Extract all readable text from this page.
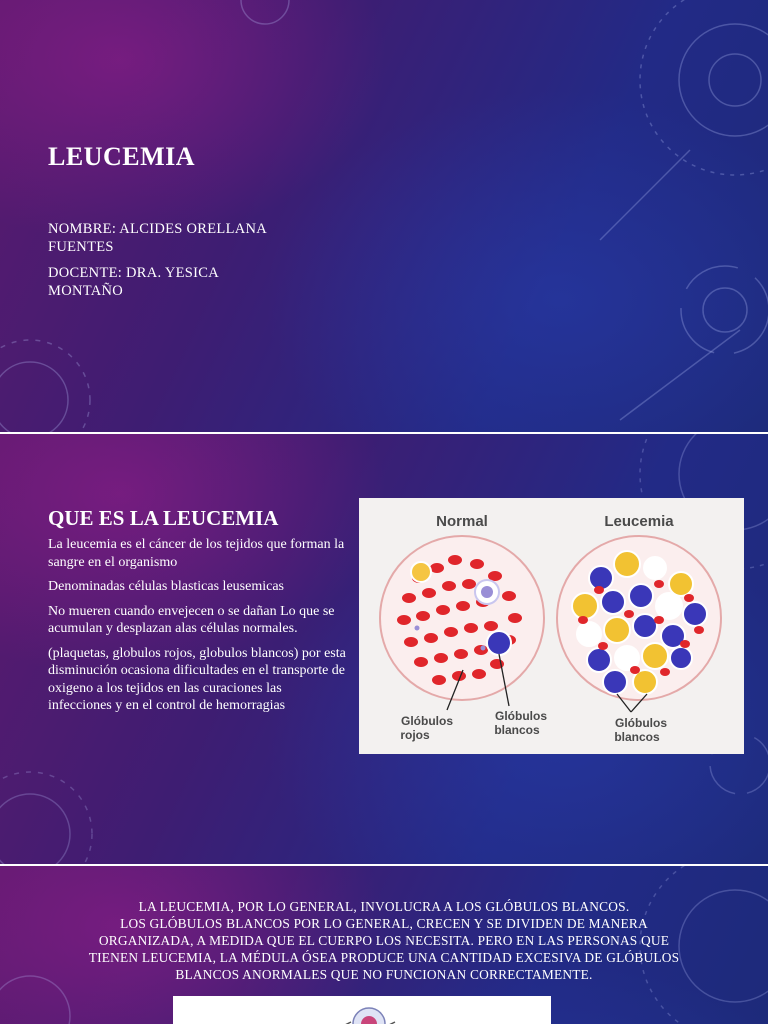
LEUCEMIA
NOMBRE: ALCIDES ORELLANA FUENTES
DOCENTE: DRA. YESICA MONTAÑO
QUE ES LA LEUCEMIA

La leucemia es el cáncer de los tejidos que forman la sangre en el organismo

Denominadas células blasticas leusemicas

No mueren cuando envejecen o se dañan Lo que se acumulan y desplazan alas células normales.

(plaquetas, globulos rojos, globulos blancos) por esta disminución ocasiona dificultades en el transporte de oxigeno a los tejidos en las curaciones las infecciones y en el control de hemorragias

Normal	Leucemia
Glóbulos
rojos
Glóbulos
blancos	Glóbulos
blancos
LA LEUCEMIA, POR LO GENERAL, INVOLUCRA A LOS GLÓBULOS BLANCOS.
LOS GLÓBULOS BLANCOS POR LO GENERAL, CRECEN Y SE DIVIDEN DE MANERA
ORGANIZADA, A MEDIDA QUE EL CUERPO LOS NECESITA. PERO EN LAS PERSONAS QUE
TIENEN LEUCEMIA, LA MÉDULA ÓSEA PRODUCE UNA CANTIDAD EXCESIVA DE GLÓBULOS
BLANCOS ANORMALES QUE NO FUNCIONAN CORRECTAMENTE.
